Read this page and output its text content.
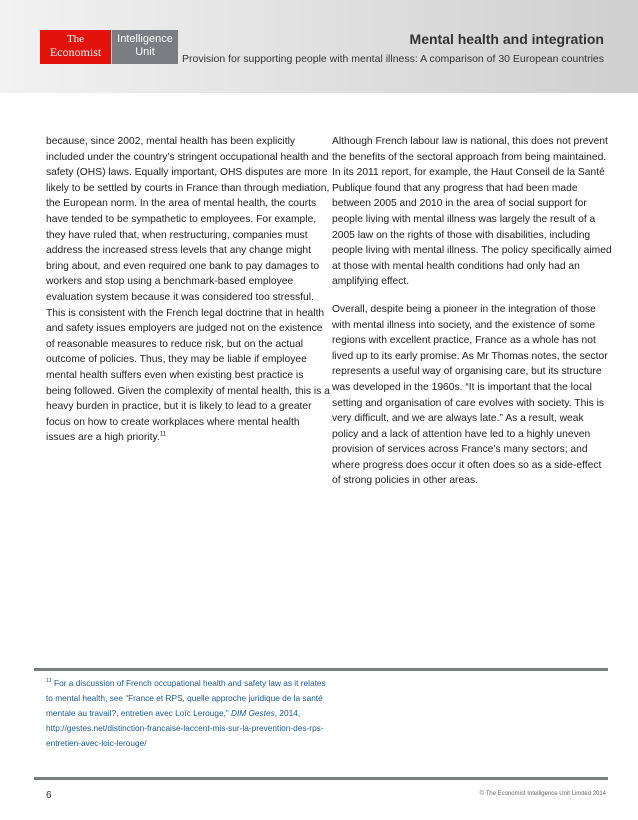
The
Economist
Intelligence
Unit
Mental health and integration
Provision for supporting people with mental illness: A comparison of 30 European countries

because, since 2002, mental health has been explicitly included under the country’s stringent occupational health and safety (OHS) laws. Equally important, OHS disputes are more likely to be settled by courts in France than through mediation, the European norm. In the area of mental health, the courts have tended to be sympathetic to employees. For example, they have ruled that, when restructuring, companies must address the increased stress levels that any change might bring about, and even required one bank to pay damages to workers and stop using a benchmark-based employee evaluation system because it was considered too stressful. This is consistent with the French legal doctrine that in health and safety issues employers are judged not on the existence of reasonable measures to reduce risk, but on the actual outcome of policies. Thus, they may be liable if employee mental health suffers even when existing best practice is being followed. Given the complexity of mental health, this is a heavy burden in practice, but it is likely to lead to a greater focus on how to create workplaces where mental health issues are a high priority.$^{11}$

Although French labour law is national, this does not prevent the benefits of the sectoral approach from being maintained. In its 2011 report, for example, the Haut Conseil de la Santé Publique found that any progress that had been made between 2005 and 2010 in the area of social support for people living with mental illness was largely the result of a 2005 law on the rights of those with disabilities, including people living with mental illness. The policy specifically aimed at those with mental health conditions had only had an amplifying effect.

Overall, despite being a pioneer in the integration of those with mental illness into society, and the existence of some regions with excellent practice, France as a whole has not lived up to its early promise. As Mr Thomas notes, the sector represents a useful way of organising care, but its structure was developed in the 1960s. “It is important that the local setting and organisation of care evolves with society. This is very difficult, and we are always late.” As a result, weak policy and a lack of attention have led to a highly uneven provision of services across France’s many sectors; and where progress does occur it often does so as a side-effect of strong policies in other areas.

$^{11}$ For a discussion of French occupational health and safety law as it relates to mental health, see “France et RPS, quelle approche juridique de la santé mentale au travail?, entretien avec Loïc Lerouge,” DIM Gestes, 2014, http://gestes.net/distinction-francaise-laccent-mis-sur-la-prevention-des-rps-entretien-avec-loic-lerouge/
6	© The Economist Intelligence Unit Limited 2014
